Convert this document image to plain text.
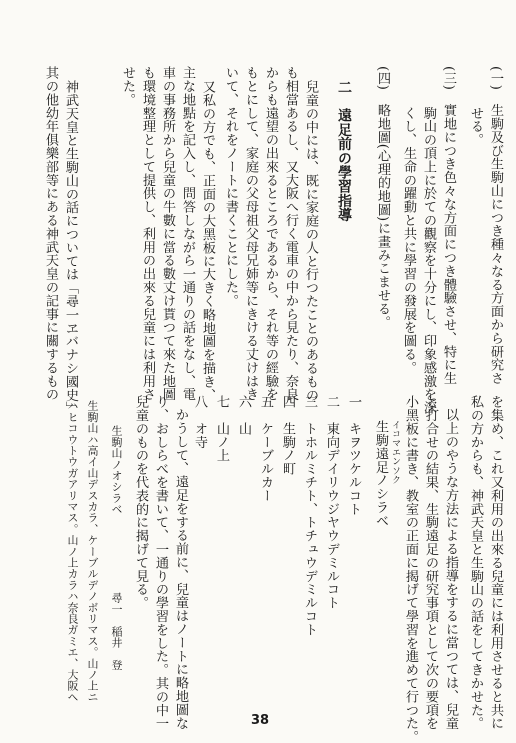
(一)　生駒及び生駒山につき種々なる方面から研究さ
　　　せる。
(三)　實地につき色々な方面につき體驗させ、特に生
　　　駒山の頂上に於ての觀察を十分にし、印象感激を深
　　　くし、生命の躍動と共に學習の發展を圖る。
(四)　略地圖(心理的地圖)に畫みこませる。
二　遠足前の學習指導
兒童の中には、既に家庭の人と行つたことのあるもの
も相當あるし、又大阪へ行く電車の中から見たり、奈良
からも遠望の出來るところであるから、それ等の經驗を
もとにして、家庭の父母祖父母兄姉等にきける丈けはき
いて、それをノートに書くことにした。
又私の方でも、正面の大黑板に大きく略地圖を描き、
主な地點を記入し、問答しながら一通りの話をなし、電
車の事務所から兒童の牛數に當る數丈け貰つて來た地圖
も環境整理として提供し、利用の出來る兒童には利用さ
せた。
神武天皇と生駒山の話については「尋一ヱバナシ國史」
其の他幼年俱樂部等にある神武天皇の記事に關するもの
を集め、これ又利用の出來る兒童には利用させると共に
私の方からも、神武天皇と生駒山の話をしてきかせた。
以上のやうな方法による指導をするに當つては、兒童
と打合せの結果、生駒遠足の研究事項として次の要項を
小黑板に書き、教室の正面に揭げて學習を進めて行つた。
イコマエンソク
生駒遠足ノシラベ
一　キヲツケルコト
二　東向デイリウジヤウデミルコト
三　トホルミチト、トチュウデミルコト
四　生駒ノ町
五　ケーブルカー
六　山
七　山ノ上
八　オ寺
かうして、遠足をする前に、兒童はノートに略地圖な
り、おしらべを書いて、一通りの學習をした。其の中一
兒童のものを代表的に揭げて見る。
生駒山ノオシラベ
尋一　稲井　登
生駒山ハ高イ山デスカラ、ケーブルデノボリマス。山ノ上ニ
ハヒコウトウガアリマス。山ノ上カラハ奈良ガミエ、大阪ヘ
38
